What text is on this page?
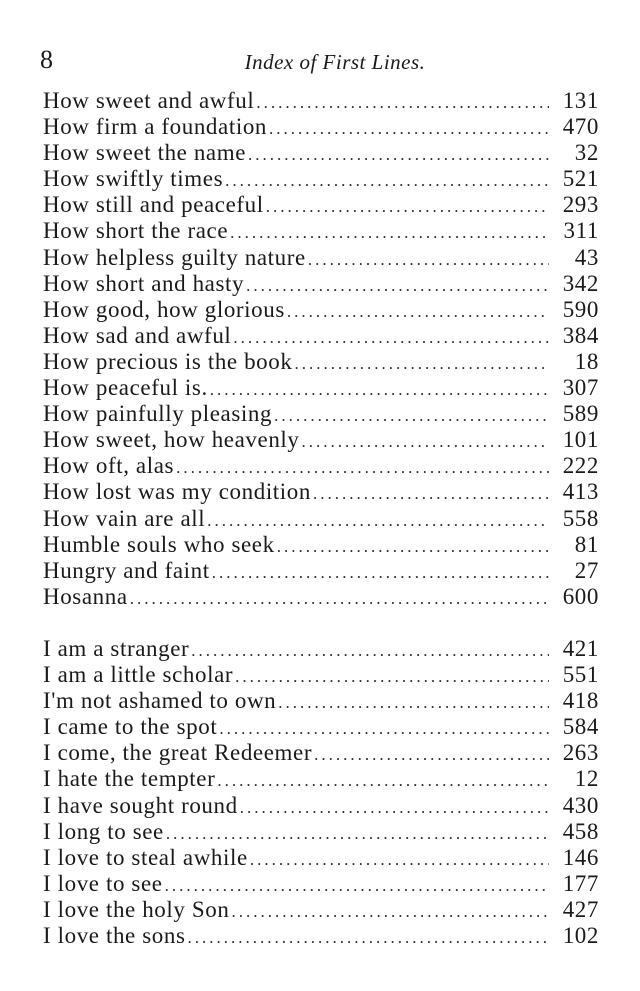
8	Index of First Lines.
How sweet and awful .....	131
How firm a foundation .....	470
How sweet the name .....	32
How swiftly times .....	521
How still and peaceful .....	293
How short the race .....	311
How helpless guilty nature .....	43
How short and hasty .....	342
How good, how glorious .....	590
How sad and awful .....	384
How precious is the book .....	18
How peaceful is. .....	307
How painfully pleasing .....	589
How sweet, how heavenly .....	101
How oft, alas .....	222
How lost was my condition .....	413
How vain are all .....	558
Humble souls who seek .....	81
Hungry and faint .....	27
Hosanna .....	600
I am a stranger .....	421
I am a little scholar .....	551
I'm not ashamed to own .....	418
I came to the spot .....	584
I come, the great Redeemer .....	263
I hate the tempter .....	12
I have sought round .....	430
I long to see .....	458
I love to steal awhile .....	146
I love to see .....	177
I love the holy Son .....	427
I love the sons .....	102
